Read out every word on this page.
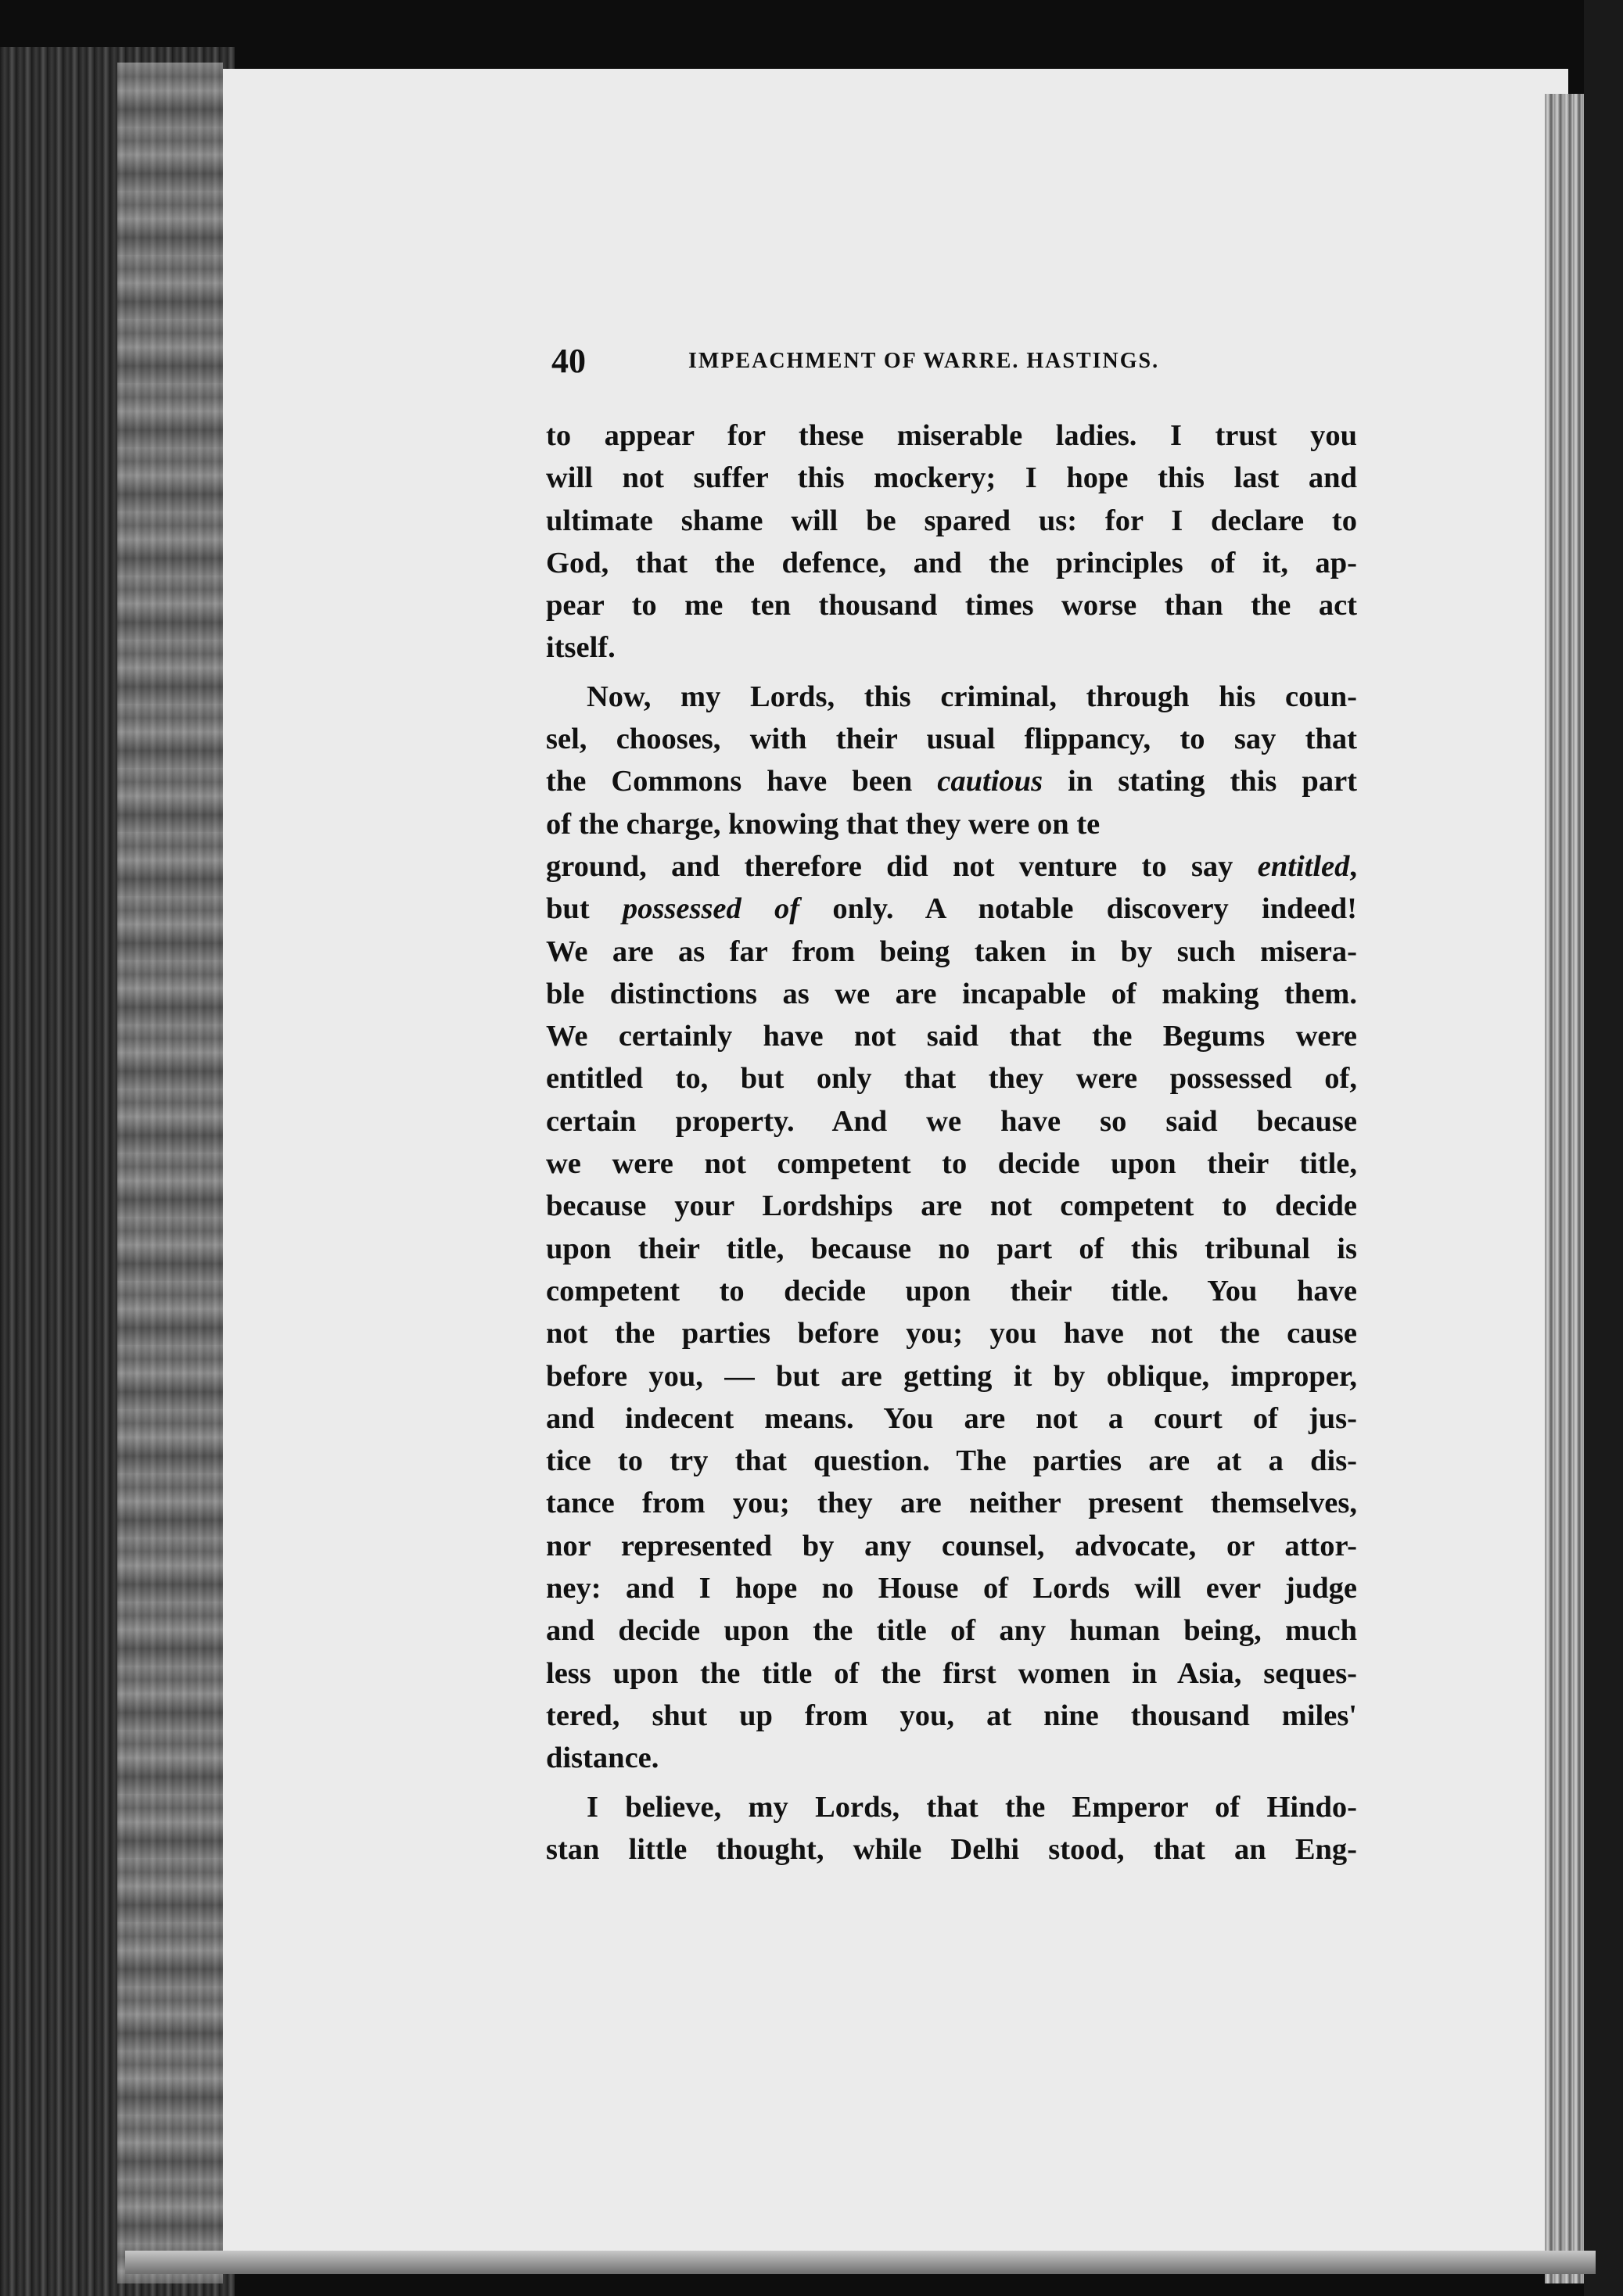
40	IMPEACHMENT OF WARRE. HASTINGS.
to appear for these miserable ladies. I trust you
will not suffer this mockery; I hope this last and
ultimate shame will be spared us: for I declare to
God, that the defence, and the principles of it, ap-
pear to me ten thousand times worse than the act
itself.
Now, my Lords, this criminal, through his coun-
sel, chooses, with their usual flippancy, to say that
the Commons have been cautious in stating this part
of the charge, knowing that they were on te
ground, and therefore did not venture to say entitled,
but possessed of only. A notable discovery indeed!
We are as far from being taken in by such misera-
ble distinctions as we are incapable of making them.
We certainly have not said that the Begums were
entitled to, but only that they were possessed of,
certain property. And we have so said because
we were not competent to decide upon their title,
because your Lordships are not competent to decide
upon their title, because no part of this tribunal is
competent to decide upon their title. You have
not the parties before you; you have not the cause
before you, — but are getting it by oblique, improper,
and indecent means. You are not a court of jus-
tice to try that question. The parties are at a dis-
tance from you; they are neither present themselves,
nor represented by any counsel, advocate, or attor-
ney: and I hope no House of Lords will ever judge
and decide upon the title of any human being, much
less upon the title of the first women in Asia, seques-
tered, shut up from you, at nine thousand miles'
distance.
I believe, my Lords, that the Emperor of Hindo-
stan little thought, while Delhi stood, that an Eng-
